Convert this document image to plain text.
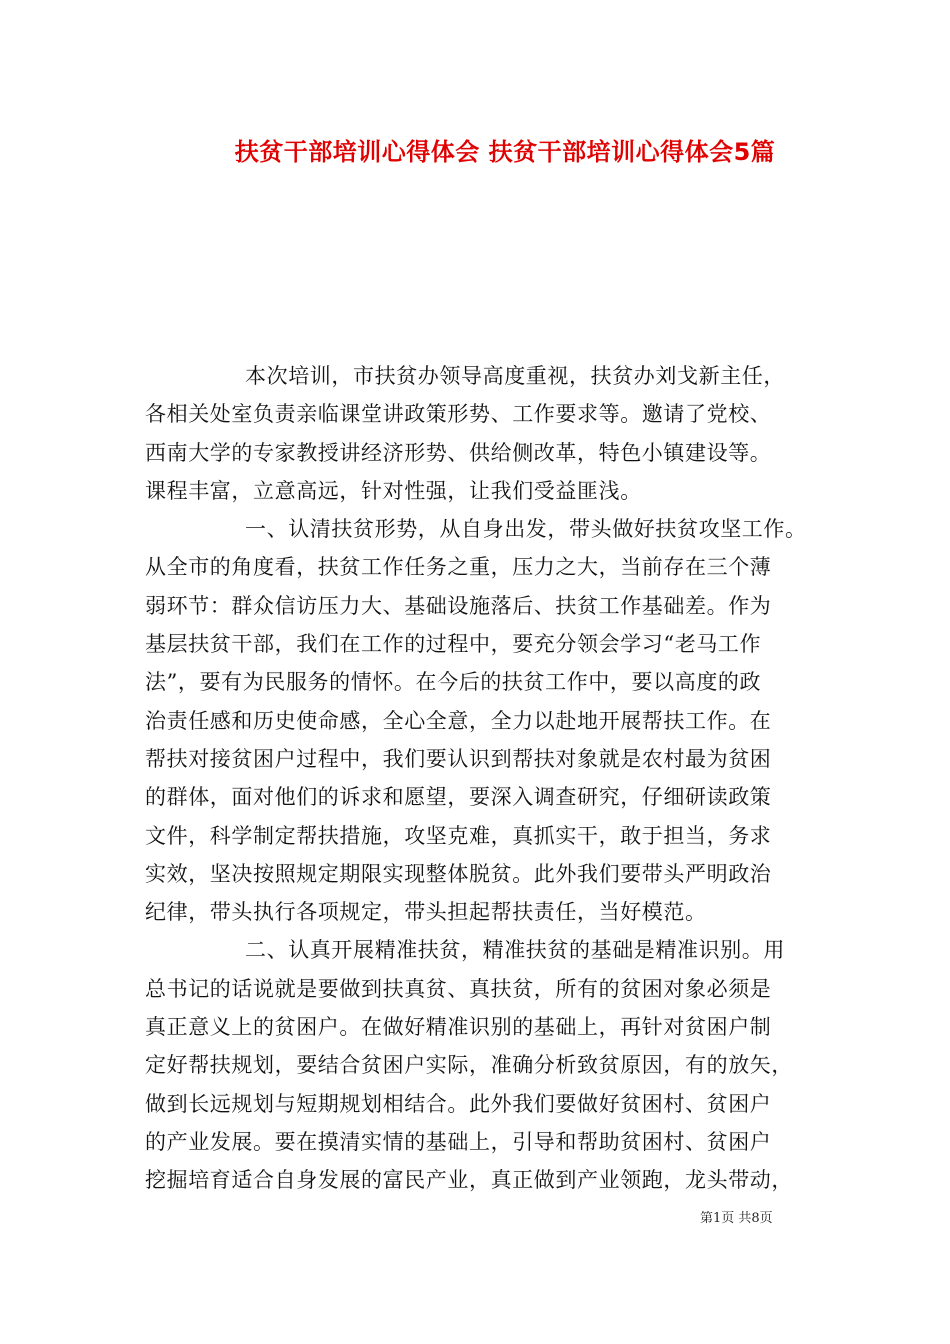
扶贫干部培训心得体会 扶贫干部培训心得体会5篇
本次培训，市扶贫办领导高度重视，扶贫办刘戈新主任，
各相关处室负责亲临课堂讲政策形势、工作要求等。邀请了党校、
西南大学的专家教授讲经济形势、供给侧改革，特色小镇建设等。
课程丰富，立意高远，针对性强，让我们受益匪浅。
一、认清扶贫形势，从自身出发，带头做好扶贫攻坚工作。
从全市的角度看，扶贫工作任务之重，压力之大，当前存在三个薄
弱环节：群众信访压力大、基础设施落后、扶贫工作基础差。作为
基层扶贫干部，我们在工作的过程中，要充分领会学习“老马工作
法”，要有为民服务的情怀。在今后的扶贫工作中，要以高度的政
治责任感和历史使命感，全心全意，全力以赴地开展帮扶工作。在
帮扶对接贫困户过程中，我们要认识到帮扶对象就是农村最为贫困
的群体，面对他们的诉求和愿望，要深入调查研究，仔细研读政策
文件，科学制定帮扶措施，攻坚克难，真抓实干，敢于担当，务求
实效，坚决按照规定期限实现整体脱贫。此外我们要带头严明政治
纪律，带头执行各项规定，带头担起帮扶责任，当好模范。
二、认真开展精准扶贫，精准扶贫的基础是精准识别。用
总书记的话说就是要做到扶真贫、真扶贫，所有的贫困对象必须是
真正意义上的贫困户。在做好精准识别的基础上，再针对贫困户制
定好帮扶规划，要结合贫困户实际，准确分析致贫原因，有的放矢，
做到长远规划与短期规划相结合。此外我们要做好贫困村、贫困户
的产业发展。要在摸清实情的基础上，引导和帮助贫困村、贫困户
挖掘培育适合自身发展的富民产业，真正做到产业领跑，龙头带动，
第1页 共8页
